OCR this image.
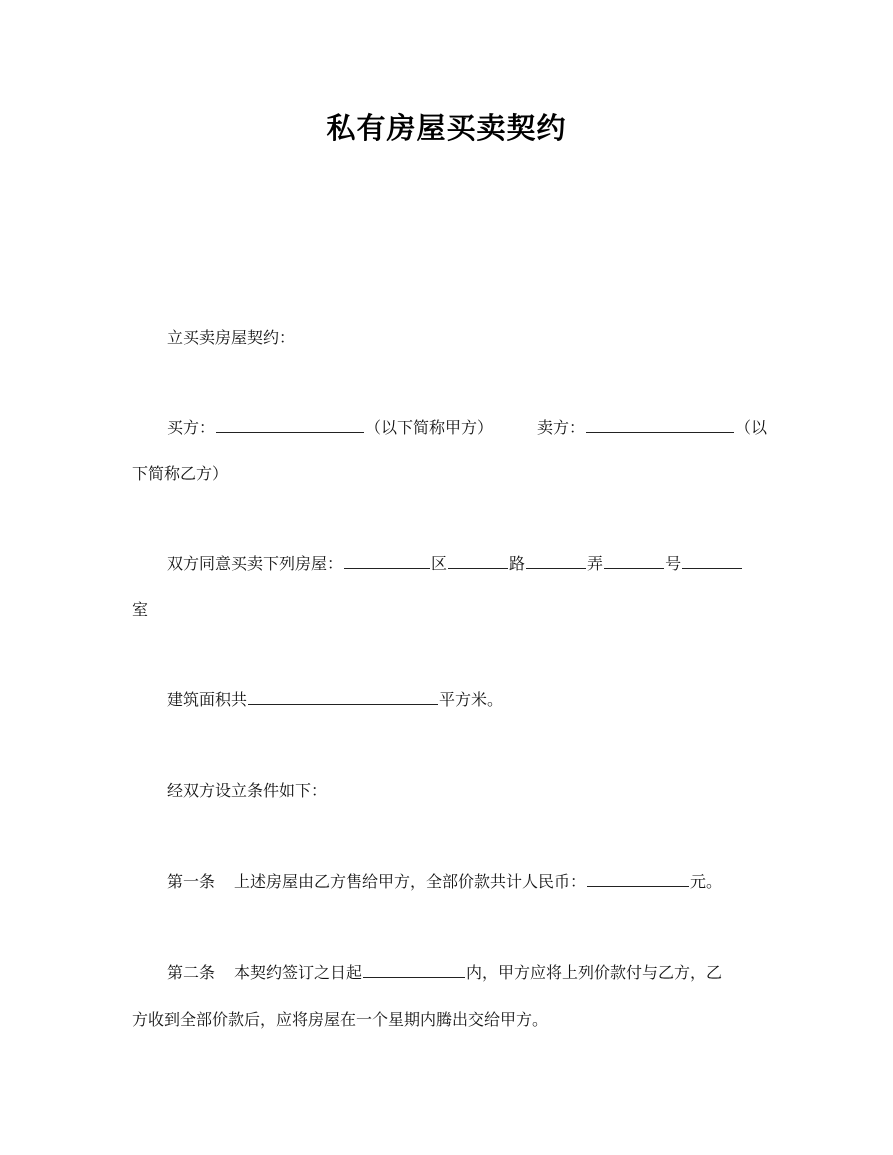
私有房屋买卖契约
立买卖房屋契约：
买方：	（以下简称甲方）	卖方：	（以
下简称乙方）
双方同意买卖下列房屋：	区	路	弄	号
室
建筑面积共	平方米。
经双方设立条件如下：
第一条 上述房屋由乙方售给甲方，全部价款共计人民币：	元。
第二条 本契约签订之日起	内，甲方应将上列价款付与乙方，乙
方收到全部价款后，应将房屋在一个星期内腾出交给甲方。
